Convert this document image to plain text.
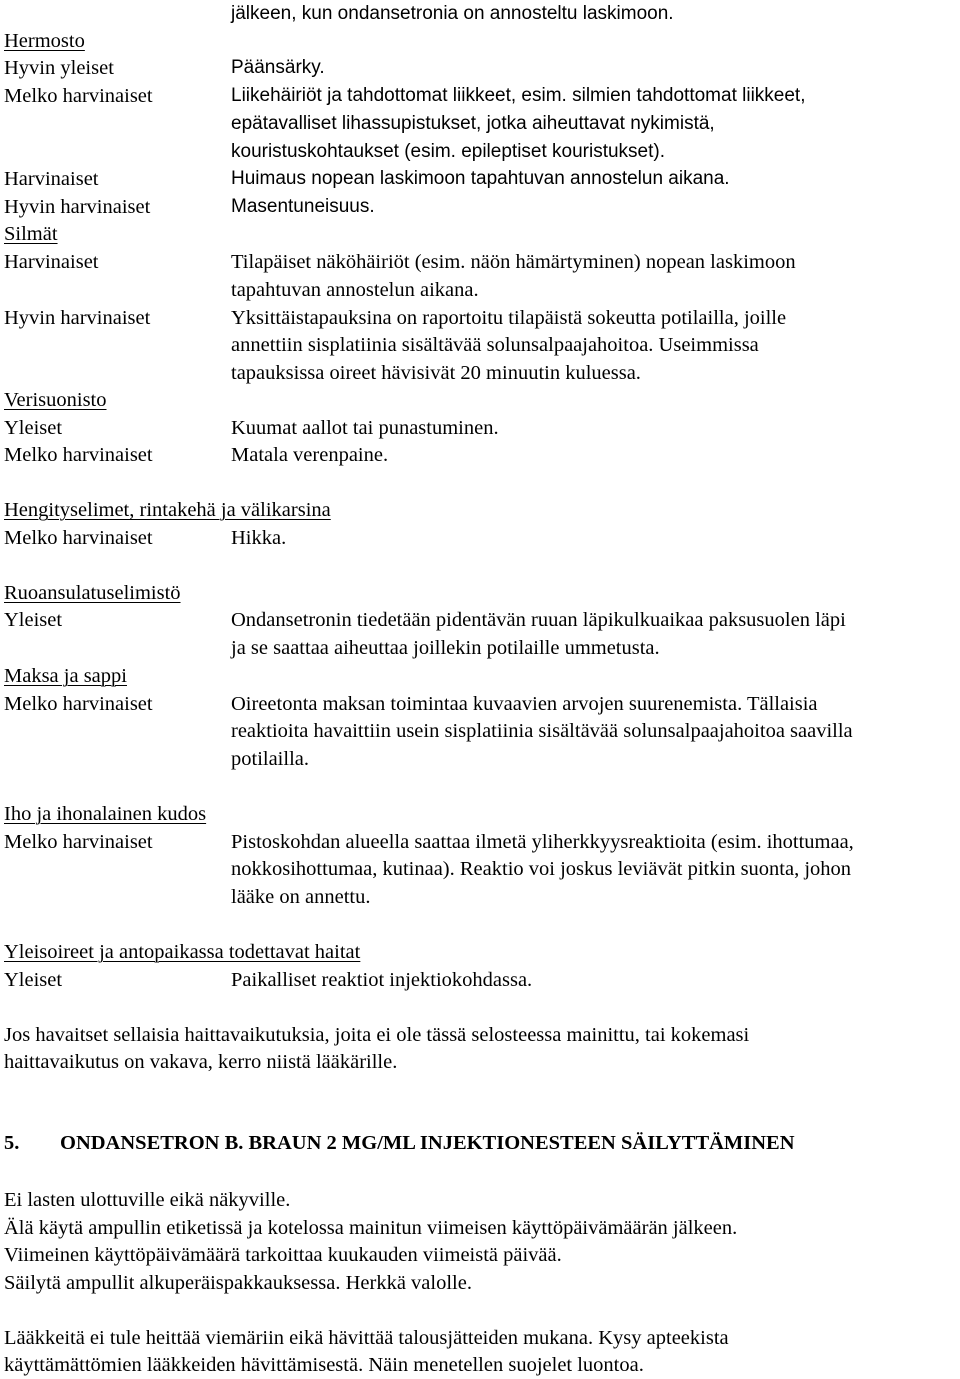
jälkeen, kun ondansetronia on annosteltu laskimoon.
Hermosto
Hyvin yleiset	Päänsärky.
Melko harvinaiset	Liikehäiriöt ja tahdottomat liikkeet, esim. silmien tahdottomat liikkeet,
epätavalliset lihassupistukset, jotka aiheuttavat nykimistä,
kouristuskohtaukset (esim. epileptiset kouristukset).
Harvinaiset	Huimaus nopean laskimoon tapahtuvan annostelun aikana.
Hyvin harvinaiset	Masentuneisuus.
Silmät
Harvinaiset	Tilapäiset näköhäiriöt (esim. näön hämärtyminen) nopean laskimoon
tapahtuvan annostelun aikana.
Hyvin harvinaiset	Yksittäistapauksina on raportoitu tilapäistä sokeutta potilailla, joille
annettiin sisplatiinia sisältävää solunsalpaajahoitoa. Useimmissa
tapauksissa oireet hävisivät 20 minuutin kuluessa.
Verisuonisto
Yleiset	Kuumat aallot tai punastuminen.
Melko harvinaiset	Matala verenpaine.
Hengityselimet, rintakehä ja välikarsina
Melko harvinaiset	Hikka.
Ruoansulatuselimistö
Yleiset	Ondansetronin tiedetään pidentävän ruuan läpikulkuaikaa paksusuolen läpi
ja se saattaa aiheuttaa joillekin potilaille ummetusta.
Maksa ja sappi
Melko harvinaiset	Oireetonta maksan toimintaa kuvaavien arvojen suurenemista. Tällaisia
reaktioita havaittiin usein sisplatiinia sisältävää solunsalpaajahoitoa saavilla
potilailla.
Iho ja ihonalainen kudos
Melko harvinaiset	Pistoskohdan alueella saattaa ilmetä yliherkkyysreaktioita (esim. ihottumaa,
nokkosihottumaa, kutinaa). Reaktio voi joskus leviävät pitkin suonta, johon
lääke on annettu.
Yleisoireet ja antopaikassa todettavat haitat
Yleiset	Paikalliset reaktiot injektiokohdassa.
Jos havaitset sellaisia haittavaikutuksia, joita ei ole tässä selosteessa mainittu, tai kokemasi
haittavaikutus on vakava, kerro niistä lääkärille.
5. ONDANSETRON B. BRAUN 2 MG/ML INJEKTIONESTEEN SÄILYTTÄMINEN
Ei lasten ulottuville eikä näkyville.
Älä käytä ampullin etiketissä ja kotelossa mainitun viimeisen käyttöpäivämäärän jälkeen.
Viimeinen käyttöpäivämäärä tarkoittaa kuukauden viimeistä päivää.
Säilytä ampullit alkuperäispakkauksessa. Herkkä valolle.
Lääkkeitä ei tule heittää viemäriin eikä hävittää talousjätteiden mukana. Kysy apteekista
käyttämättömien lääkkeiden hävittämisestä. Näin menetellen suojelet luontoa.
